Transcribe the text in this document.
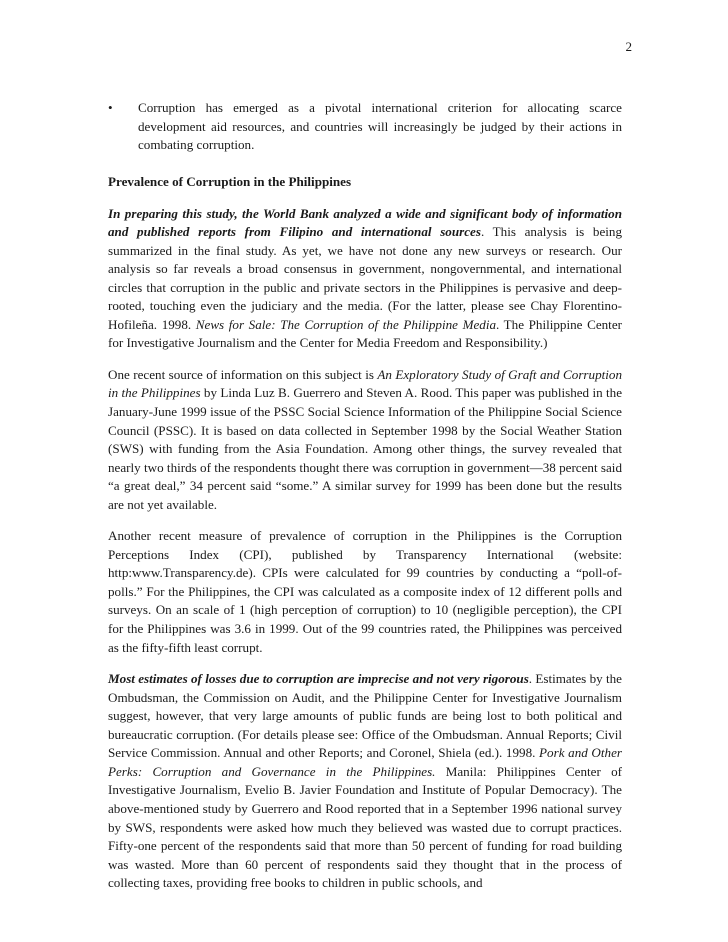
2
•	Corruption has emerged as a pivotal international criterion for allocating scarce development aid resources, and countries will increasingly be judged by their actions in combating corruption.

Prevalence of Corruption in the Philippines

In preparing this study, the World Bank analyzed a wide and significant body of information and published reports from Filipino and international sources. This analysis is being summarized in the final study. As yet, we have not done any new surveys or research. Our analysis so far reveals a broad consensus in government, nongovernmental, and international circles that corruption in the public and private sectors in the Philippines is pervasive and deep-rooted, touching even the judiciary and the media. (For the latter, please see Chay Florentino-Hofileña. 1998. News for Sale: The Corruption of the Philippine Media. The Philippine Center for Investigative Journalism and the Center for Media Freedom and Responsibility.)

One recent source of information on this subject is An Exploratory Study of Graft and Corruption in the Philippines by Linda Luz B. Guerrero and Steven A. Rood. This paper was published in the January-June 1999 issue of the PSSC Social Science Information of the Philippine Social Science Council (PSSC). It is based on data collected in September 1998 by the Social Weather Station (SWS) with funding from the Asia Foundation. Among other things, the survey revealed that nearly two thirds of the respondents thought there was corruption in government—38 percent said “a great deal,” 34 percent said “some.” A similar survey for 1999 has been done but the results are not yet available.

Another recent measure of prevalence of corruption in the Philippines is the Corruption Perceptions Index (CPI), published by Transparency International (website: http:www.Transparency.de). CPIs were calculated for 99 countries by conducting a “poll-of-polls.” For the Philippines, the CPI was calculated as a composite index of 12 different polls and surveys. On an scale of 1 (high perception of corruption) to 10 (negligible perception), the CPI for the Philippines was 3.6 in 1999. Out of the 99 countries rated, the Philippines was perceived as the fifty-fifth least corrupt.

Most estimates of losses due to corruption are imprecise and not very rigorous. Estimates by the Ombudsman, the Commission on Audit, and the Philippine Center for Investigative Journalism suggest, however, that very large amounts of public funds are being lost to both political and bureaucratic corruption. (For details please see: Office of the Ombudsman. Annual Reports; Civil Service Commission. Annual and other Reports; and Coronel, Shiela (ed.). 1998. Pork and Other Perks: Corruption and Governance in the Philippines. Manila: Philippines Center of Investigative Journalism, Evelio B. Javier Foundation and Institute of Popular Democracy). The above-mentioned study by Guerrero and Rood reported that in a September 1996 national survey by SWS, respondents were asked how much they believed was wasted due to corrupt practices. Fifty-one percent of the respondents said that more than 50 percent of funding for road building was wasted. More than 60 percent of respondents said they thought that in the process of collecting taxes, providing free books to children in public schools, and
